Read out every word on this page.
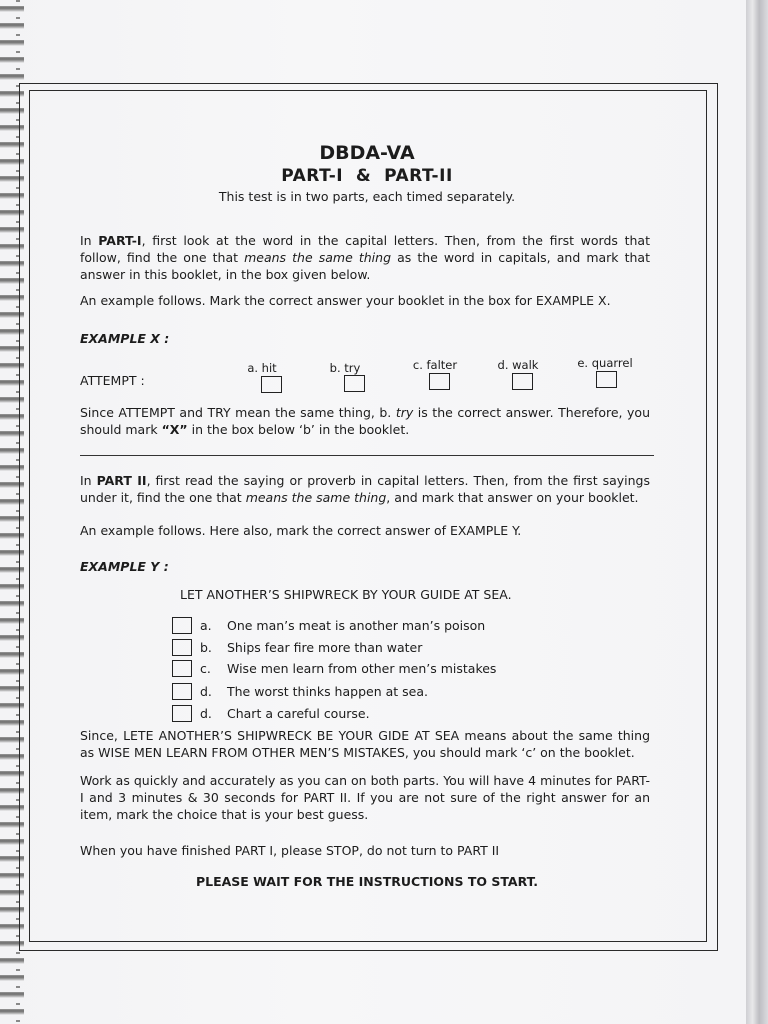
DBDA-VA
PART-I  &  PART-II
This test is in two parts, each timed separately.
In PART-I, first look at the word in the capital letters. Then, from the first words that follow, find the one that means the same thing as the word in capitals, and mark that answer in this booklet, in the box given below.
An example follows. Mark the correct answer your booklet in the box for EXAMPLE X.
EXAMPLE X :
ATTEMPT :
a. hit	b. try	c. falter	d. walk	e. quarrel
Since ATTEMPT and TRY mean the same thing, b. try is the correct answer. Therefore, you should mark “X” in the box below ‘b’ in the booklet.
In PART II, first read the saying or proverb in capital letters. Then, from the first sayings under it, find the one that means the same thing, and mark that answer on your booklet.
An example follows. Here also, mark the correct answer of EXAMPLE Y.
EXAMPLE Y :
LET ANOTHER’S SHIPWRECK BY YOUR GUIDE AT SEA.
a. One man’s meat is another man’s poison
b. Ships fear fire more than water
c. Wise men learn from other men’s mistakes
d. The worst thinks happen at sea.
d. Chart a careful course.
Since, LETE ANOTHER’S SHIPWRECK BE YOUR GIDE AT SEA means about the same thing as WISE MEN LEARN FROM OTHER MEN’S MISTAKES, you should mark ‘c’ on the booklet.
Work as quickly and accurately as you can on both parts. You will have 4 minutes for PART-I and 3 minutes & 30 seconds for PART II. If you are not sure of the right answer for an item, mark the choice that is your best guess.
When you have finished PART I, please STOP, do not turn to PART II
PLEASE WAIT FOR THE INSTRUCTIONS TO START.
